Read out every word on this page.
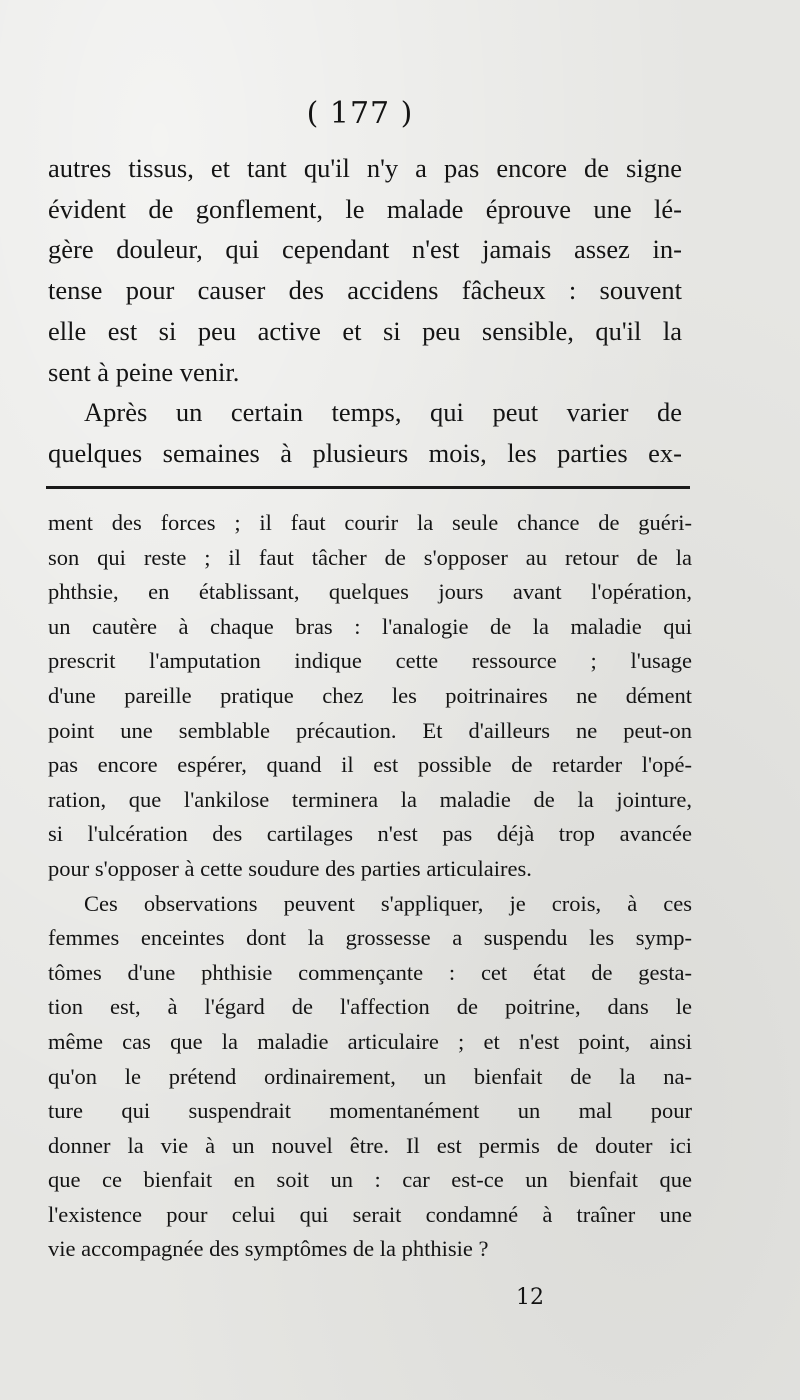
( 177 )
autres tissus, et tant qu'il n'y a pas encore de signe
évident de gonflement, le malade éprouve une lé-
gère douleur, qui cependant n'est jamais assez in-
tense pour causer des accidens fâcheux : souvent
elle est si peu active et si peu sensible, qu'il la
sent à peine venir.
Après un certain temps, qui peut varier de
quelques semaines à plusieurs mois, les parties ex-
ment des forces ; il faut courir la seule chance de guéri-
son qui reste ; il faut tâcher de s'opposer au retour de la
phthsie, en établissant, quelques jours avant l'opération,
un cautère à chaque bras : l'analogie de la maladie qui
prescrit l'amputation indique cette ressource ; l'usage
d'une pareille pratique chez les poitrinaires ne dément
point une semblable précaution. Et d'ailleurs ne peut-on
pas encore espérer, quand il est possible de retarder l'opé-
ration, que l'ankilose terminera la maladie de la jointure,
si l'ulcération des cartilages n'est pas déjà trop avancée
pour s'opposer à cette soudure des parties articulaires.
Ces observations peuvent s'appliquer, je crois, à ces
femmes enceintes dont la grossesse a suspendu les symp-
tômes d'une phthisie commençante : cet état de gesta-
tion est, à l'égard de l'affection de poitrine, dans le
même cas que la maladie articulaire ; et n'est point, ainsi
qu'on le prétend ordinairement, un bienfait de la na-
ture qui suspendrait momentanément un mal pour
donner la vie à un nouvel être. Il est permis de douter ici
que ce bienfait en soit un : car est-ce un bienfait que
l'existence pour celui qui serait condamné à traîner une
vie accompagnée des symptômes de la phthisie ?
12
